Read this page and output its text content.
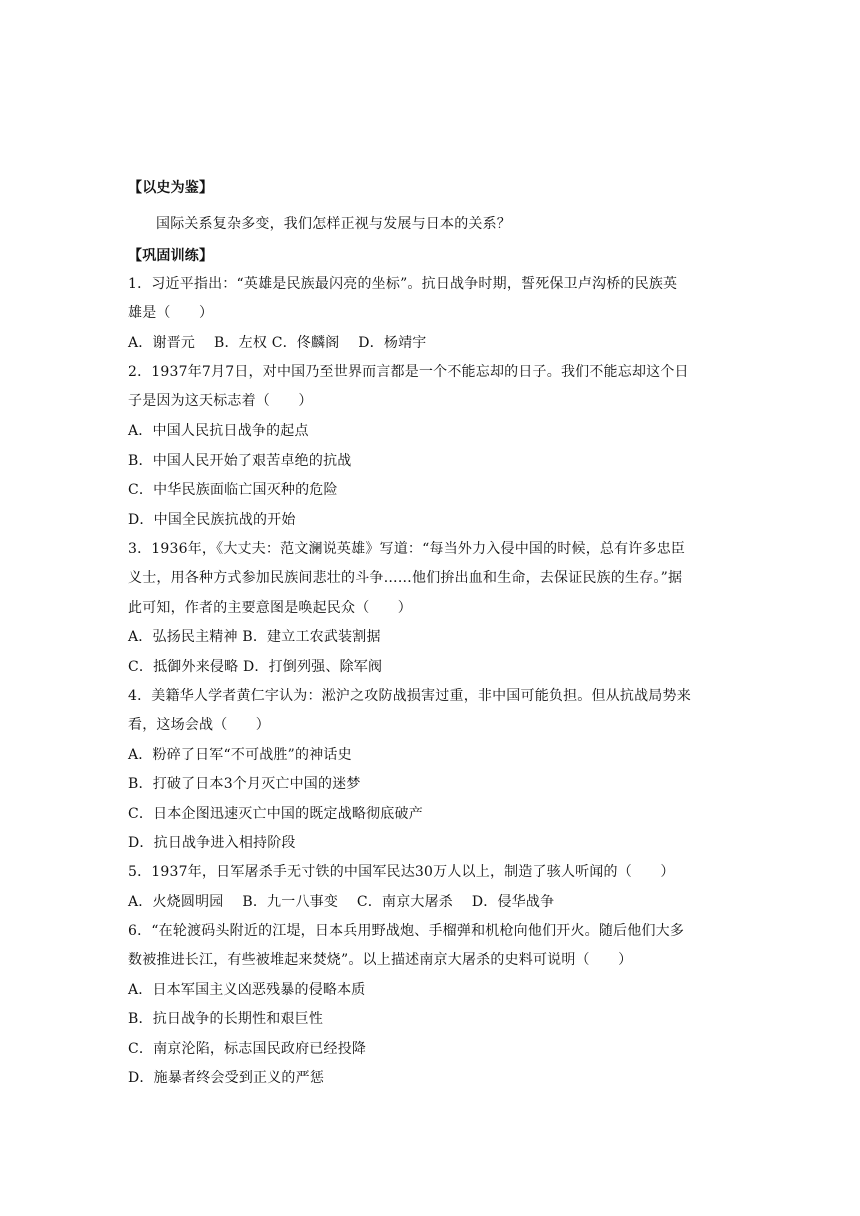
【以史为鉴】
国际关系复杂多变，我们怎样正视与发展与日本的关系？
【巩固训练】
1．习近平指出：“英雄是民族最闪亮的坐标”。抗日战争时期，誓死保卫卢沟桥的民族英
雄是（　　）
A．谢晋元　 B．左权 C．佟麟阁　 D．杨靖宇
2．1937年7月7日，对中国乃至世界而言都是一个不能忘却的日子。我们不能忘却这个日
子是因为这天标志着（　　）
A．中国人民抗日战争的起点
B．中国人民开始了艰苦卓绝的抗战
C．中华民族面临亡国灭种的危险
D．中国全民族抗战的开始
3．1936年，《大丈夫：范文澜说英雄》写道：“每当外力入侵中国的时候，总有许多忠臣
义士，用各种方式参加民族间悲壮的斗争……他们拚出血和生命，去保证民族的生存。”据
此可知，作者的主要意图是唤起民众（　　）
A．弘扬民主精神 B．建立工农武装割据
C．抵御外来侵略 D．打倒列强、除军阀
4．美籍华人学者黄仁宇认为：淞沪之攻防战损害过重，非中国可能负担。但从抗战局势来
看，这场会战（　　）
A．粉碎了日军“不可战胜”的神话史
B．打破了日本3个月灭亡中国的迷梦
C．日本企图迅速灭亡中国的既定战略彻底破产
D．抗日战争进入相持阶段
5．1937年，日军屠杀手无寸铁的中国军民达30万人以上，制造了骇人听闻的（　　）
A．火烧圆明园　 B．九一八事变　 C．南京大屠杀　 D．侵华战争
6．“在轮渡码头附近的江堤，日本兵用野战炮、手榴弹和机枪向他们开火。随后他们大多
数被推进长江，有些被堆起来焚烧”。以上描述南京大屠杀的史料可说明（　　）
A．日本军国主义凶恶残暴的侵略本质
B．抗日战争的长期性和艰巨性
C．南京沦陷，标志国民政府已经投降
D．施暴者终会受到正义的严惩
